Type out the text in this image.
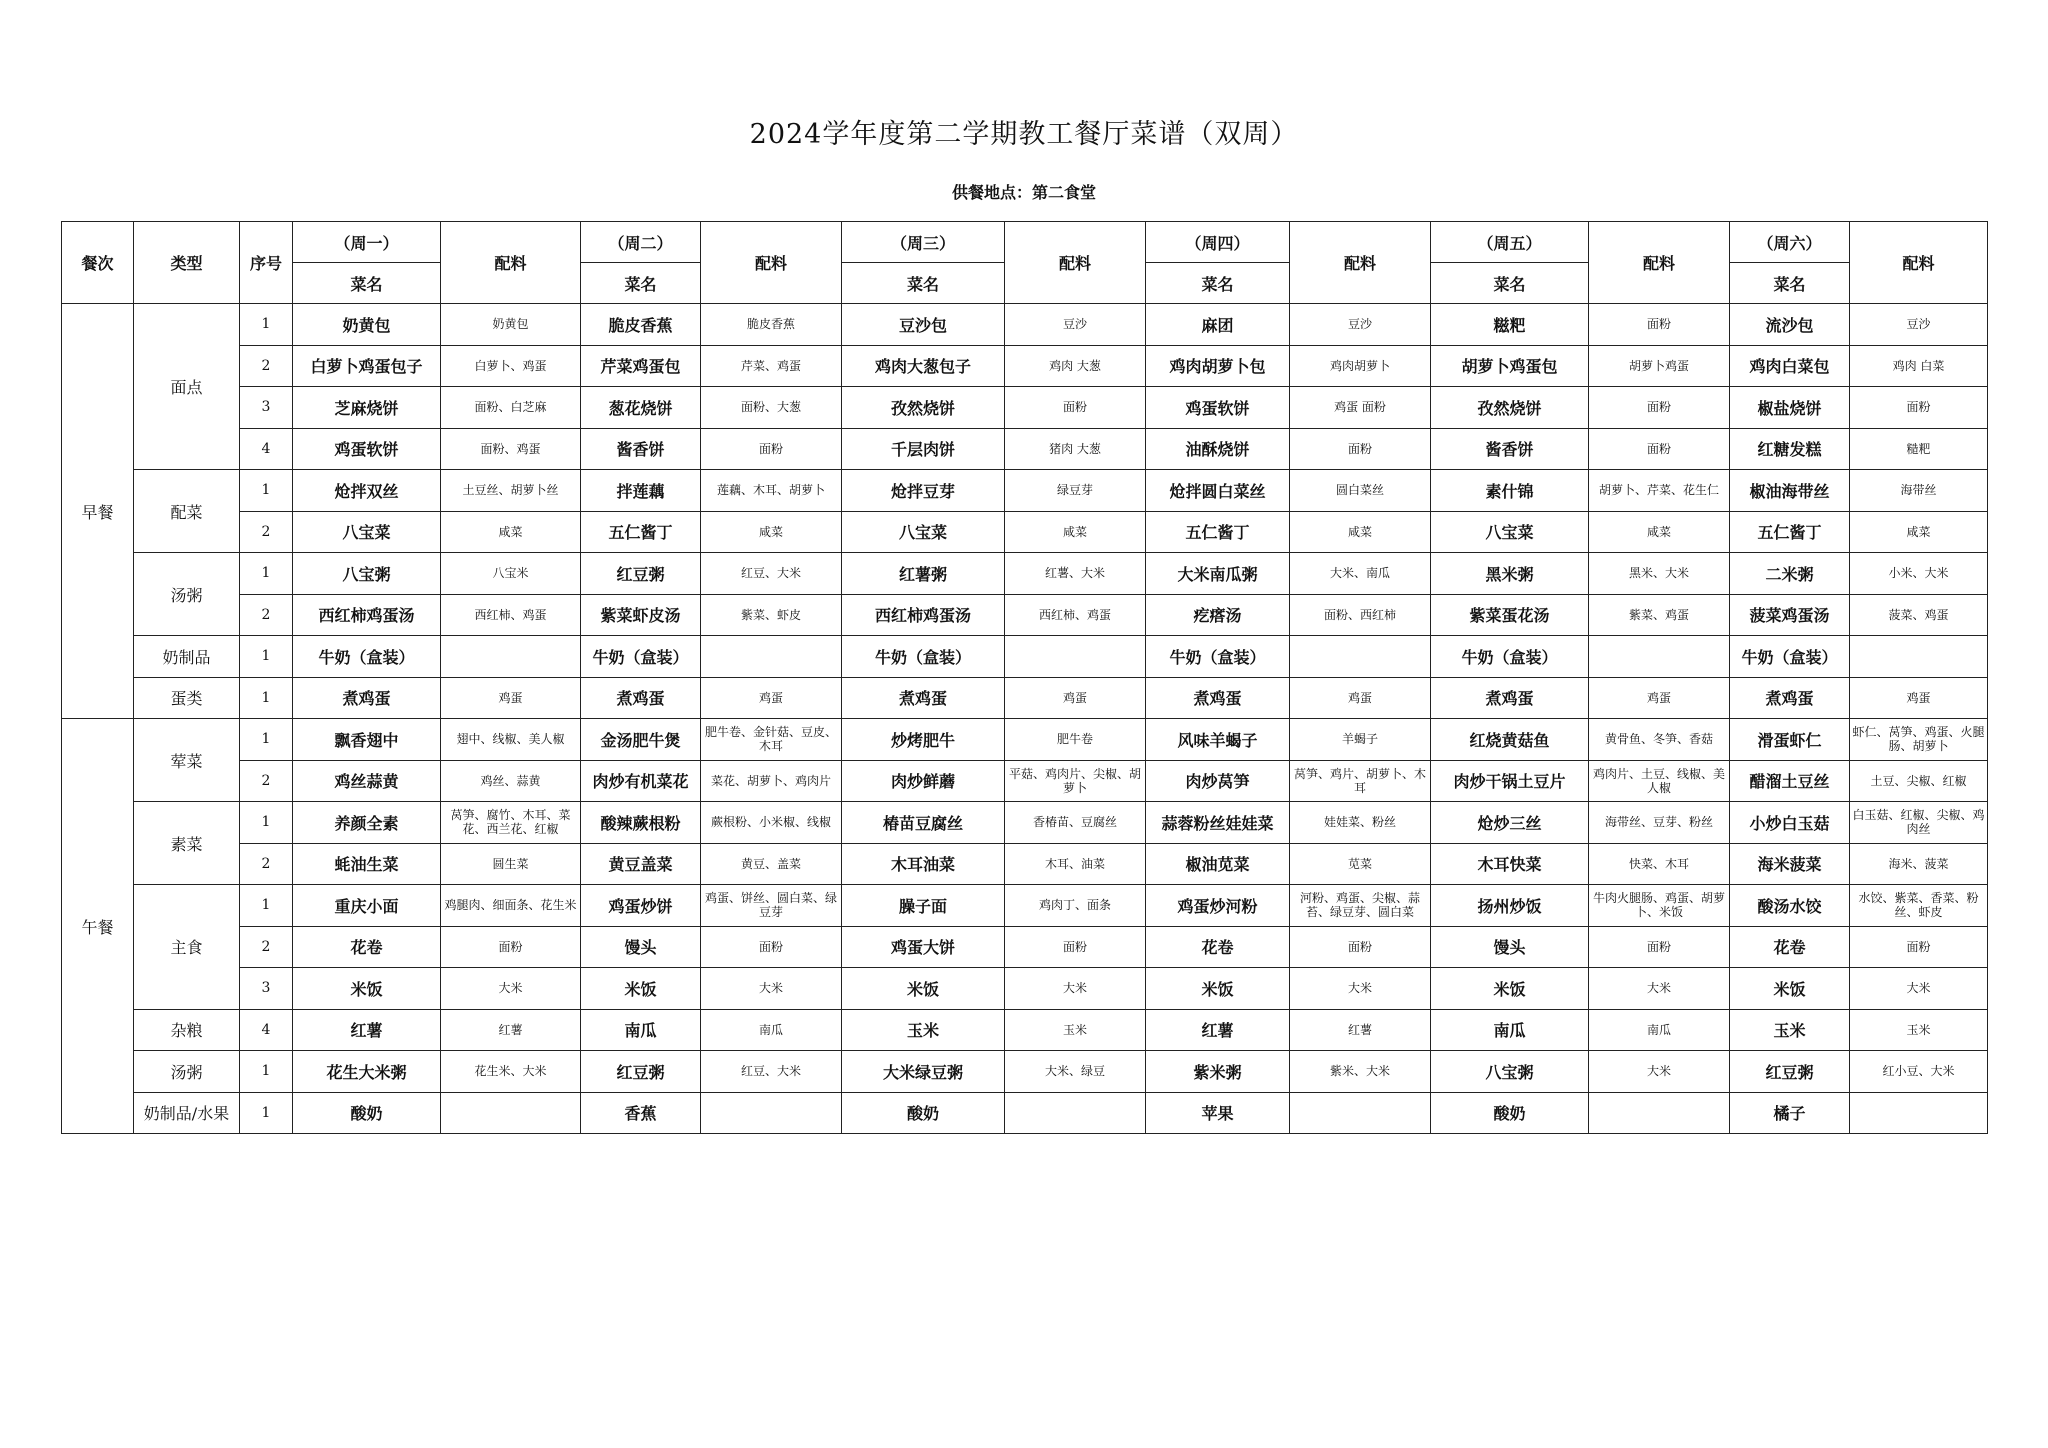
2024学年度第二学期教工餐厅菜谱（双周）
供餐地点：第二食堂
餐次	类型	序号	（周一）	配料	（周二）	配料	（周三）	配料	（周四）	配料	（周五）	配料	（周六）	配料
			菜名		菜名		菜名		菜名		菜名		菜名	
早餐	面点	1	奶黄包	奶黄包	脆皮香蕉	脆皮香蕉	豆沙包	豆沙	麻团	豆沙	糍粑	面粉	流沙包	豆沙
		2	白萝卜鸡蛋包子	白萝卜、鸡蛋	芹菜鸡蛋包	芹菜、鸡蛋	鸡肉大葱包子	鸡肉 大葱	鸡肉胡萝卜包	鸡肉胡萝卜	胡萝卜鸡蛋包	胡萝卜鸡蛋	鸡肉白菜包	鸡肉 白菜
		3	芝麻烧饼	面粉、白芝麻	葱花烧饼	面粉、大葱	孜然烧饼	面粉	鸡蛋软饼	鸡蛋 面粉	孜然烧饼	面粉	椒盐烧饼	面粉
		4	鸡蛋软饼	面粉、鸡蛋	酱香饼	面粉	千层肉饼	猪肉 大葱	油酥烧饼	面粉	酱香饼	面粉	红糖发糕	糙粑
	配菜	1	炝拌双丝	土豆丝、胡萝卜丝	拌莲藕	莲藕、木耳、胡萝卜	炝拌豆芽	绿豆芽	炝拌圆白菜丝	圆白菜丝	素什锦	胡萝卜、芹菜、花生仁	椒油海带丝	海带丝
		2	八宝菜	咸菜	五仁酱丁	咸菜	八宝菜	咸菜	五仁酱丁	咸菜	八宝菜	咸菜	五仁酱丁	咸菜
	汤粥	1	八宝粥	八宝米	红豆粥	红豆、大米	红薯粥	红薯、大米	大米南瓜粥	大米、南瓜	黑米粥	黑米、大米	二米粥	小米、大米
		2	西红柿鸡蛋汤	西红柿、鸡蛋	紫菜虾皮汤	紫菜、虾皮	西红柿鸡蛋汤	西红柿、鸡蛋	疙瘩汤	面粉、西红柿	紫菜蛋花汤	紫菜、鸡蛋	菠菜鸡蛋汤	菠菜、鸡蛋
	奶制品	1	牛奶（盒装）		牛奶（盒装）		牛奶（盒装）		牛奶（盒装）		牛奶（盒装）		牛奶（盒装）	
	蛋类	1	煮鸡蛋	鸡蛋	煮鸡蛋	鸡蛋	煮鸡蛋	鸡蛋	煮鸡蛋	鸡蛋	煮鸡蛋	鸡蛋	煮鸡蛋	鸡蛋
午餐	荤菜	1	飘香翅中	翅中、线椒、美人椒	金汤肥牛煲	肥牛卷、金针菇、豆皮、木耳	炒烤肥牛	肥牛卷	风味羊蝎子	羊蝎子	红烧黄菇鱼	黄骨鱼、冬笋、香菇	滑蛋虾仁	虾仁、莴笋、鸡蛋、火腿肠、胡萝卜
		2	鸡丝蒜黄	鸡丝、蒜黄	肉炒有机菜花	菜花、胡萝卜、鸡肉片	肉炒鲜蘑	平菇、鸡肉片、尖椒、胡萝卜	肉炒莴笋	莴笋、鸡片、胡萝卜、木耳	肉炒干锅土豆片	鸡肉片、土豆、线椒、美人椒	醋溜土豆丝	土豆、尖椒、红椒
	素菜	1	养颜全素	莴笋、腐竹、木耳、菜花、西兰花、红椒	酸辣蕨根粉	蕨根粉、小米椒、线椒	椿苗豆腐丝	香椿苗、豆腐丝	蒜蓉粉丝娃娃菜	娃娃菜、粉丝	炝炒三丝	海带丝、豆芽、粉丝	小炒白玉菇	白玉菇、红椒、尖椒、鸡肉丝
		2	蚝油生菜	圆生菜	黄豆盖菜	黄豆、盖菜	木耳油菜	木耳、油菜	椒油苋菜	苋菜	木耳快菜	快菜、木耳	海米菠菜	海米、菠菜
	主食	1	重庆小面	鸡腿肉、细面条、花生米	鸡蛋炒饼	鸡蛋、饼丝、圆白菜、绿豆芽	臊子面	鸡肉丁、面条	鸡蛋炒河粉	河粉、鸡蛋、尖椒、蒜苔、绿豆芽、圆白菜	扬州炒饭	牛肉火腿肠、鸡蛋、胡萝卜、米饭	酸汤水饺	水饺、紫菜、香菜、粉丝、虾皮
		2	花卷	面粉	馒头	面粉	鸡蛋大饼	面粉	花卷	面粉	馒头	面粉	花卷	面粉
		3	米饭	大米	米饭	大米	米饭	大米	米饭	大米	米饭	大米	米饭	大米
	杂粮	4	红薯	红薯	南瓜	南瓜	玉米	玉米	红薯	红薯	南瓜	南瓜	玉米	玉米
	汤粥	1	花生大米粥	花生米、大米	红豆粥	红豆、大米	大米绿豆粥	大米、绿豆	紫米粥	紫米、大米	八宝粥	大米	红豆粥	红小豆、大米
	奶制品/水果	1	酸奶		香蕉		酸奶		苹果		酸奶		橘子	
